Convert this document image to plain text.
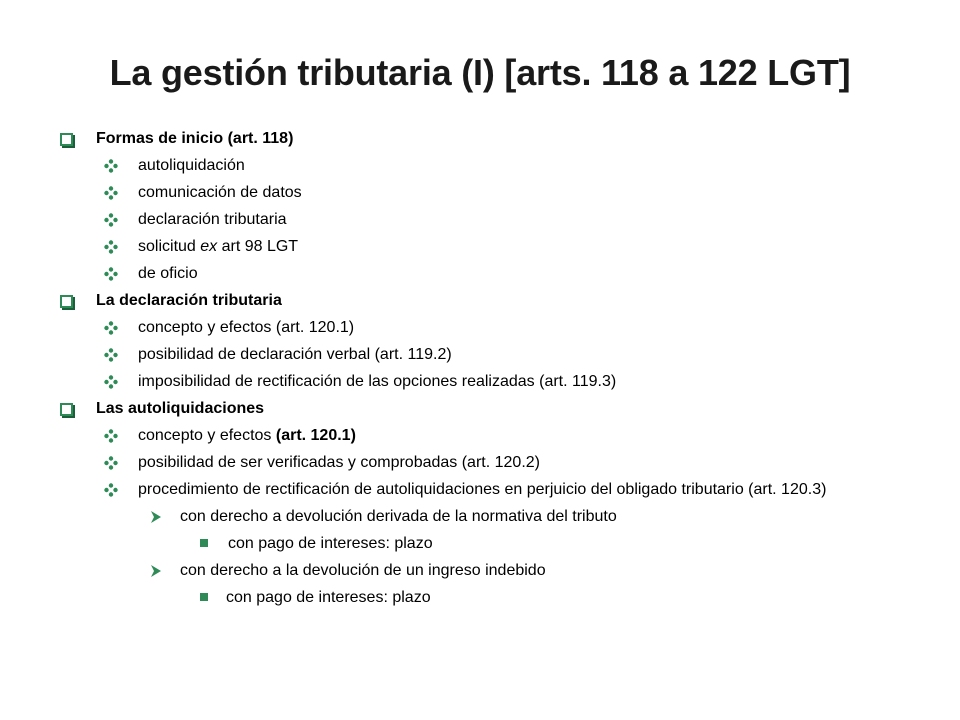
La gestión tributaria (I) [arts. 118 a 122 LGT]
Formas de inicio (art. 118)
autoliquidación
comunicación de datos
declaración tributaria
solicitud ex art 98 LGT
de oficio
La declaración tributaria
concepto y efectos (art. 120.1)
posibilidad de declaración verbal (art. 119.2)
imposibilidad de rectificación de las opciones realizadas (art. 119.3)
Las autoliquidaciones
concepto y efectos (art. 120.1)
posibilidad de ser verificadas y comprobadas (art. 120.2)
procedimiento de rectificación de autoliquidaciones en perjuicio del obligado tributario (art. 120.3)
con derecho a devolución derivada de la normativa del tributo
con pago de intereses: plazo
con derecho a la devolución de un ingreso indebido
con pago de intereses: plazo
